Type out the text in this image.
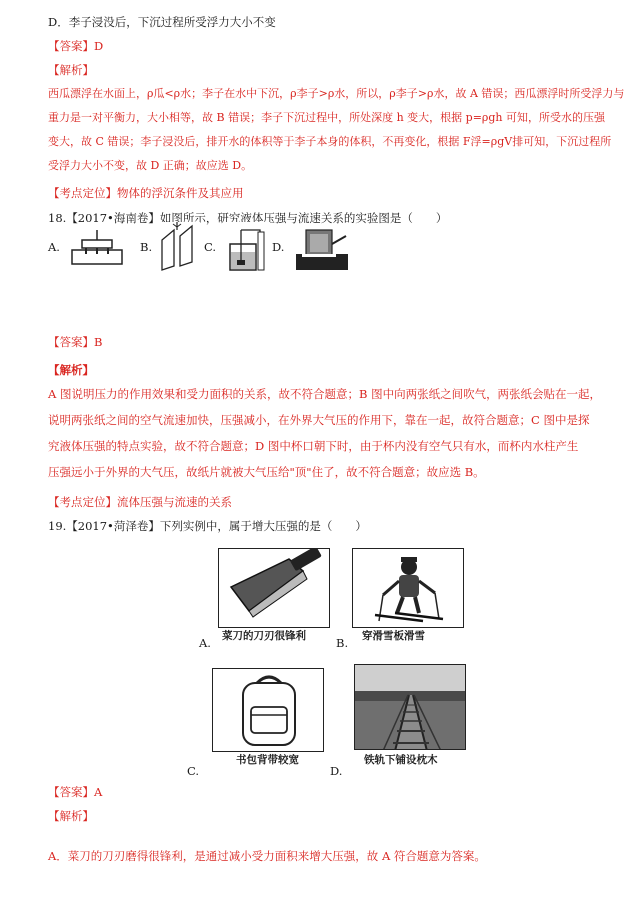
D．李子浸没后，下沉过程所受浮力大小不变
【答案】D
【解析】
西瓜漂浮在水面上，ρ瓜<ρ水；李子在水中下沉，ρ李子>ρ水，所以，ρ李子>ρ水，故 A 错误；西瓜漂浮时所受浮力与
重力是一对平衡力，大小相等，故 B 错误；李子下沉过程中，所处深度 h 变大，根据 p=ρgh 可知，所受水的压强
变大，故 C 错误；李子浸没后，排开水的体积等于李子本身的体积，不再变化，根据 F浮=ρgV排可知，下沉过程所
受浮力大小不变，故 D 正确；故应选 D。
【考点定位】物体的浮沉条件及其应用
18.【2017•海南卷】如图所示，研究液体压强与流速关系的实验图是（　　）
A.	B.	C.	D.
【答案】B
【解析】
A 图说明压力的作用效果和受力面积的关系，故不符合题意；B 图中向两张纸之间吹气，两张纸会贴在一起，
说明两张纸之间的空气流速加快，压强减小，在外界大气压的作用下，靠在一起，故符合题意；C 图中是探
究液体压强的特点实验，故不符合题意；D 图中杯口朝下时，由于杯内没有空气只有水，而杯内水柱产生
压强远小于外界的大气压，故纸片就被大气压给"顶"住了，故不符合题意；故应选 B。
【考点定位】流体压强与流速的关系
19.【2017•菏泽卷】下列实例中，属于增大压强的是（　　）
A. 菜刀的刀刃很锋利	B. 穿滑雪板滑雪
C.
书包背带较宽
D.
铁轨下铺设枕木
【答案】A
【解析】
A．菜刀的刀刃磨得很锋利，是通过减小受力面积来增大压强，故 A 符合题意为答案。
